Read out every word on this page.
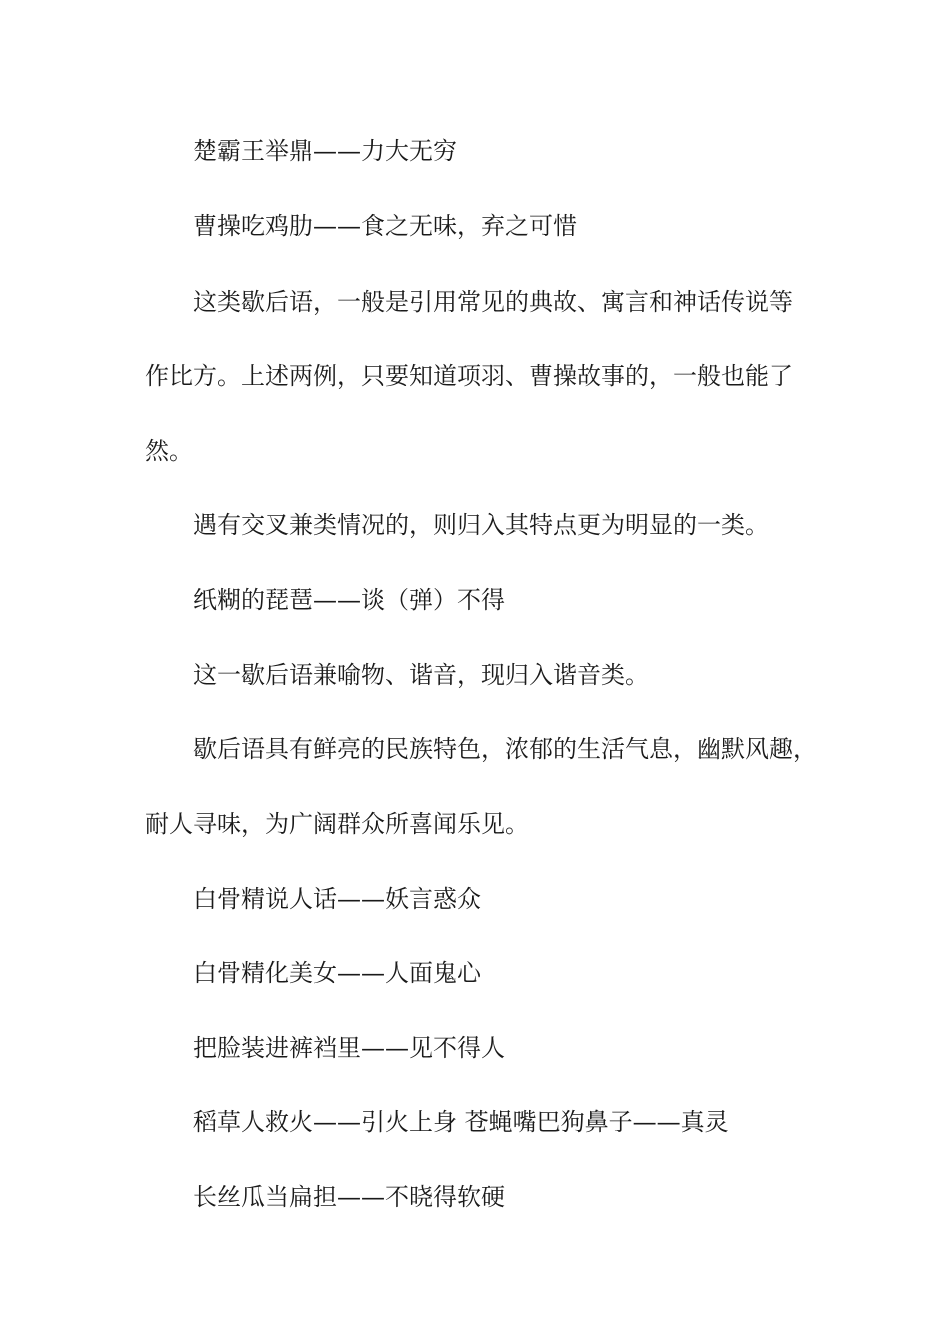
楚霸王举鼎——力大无穷

曹操吃鸡肋——食之无味，弃之可惜

这类歇后语，一般是引用常见的典故、寓言和神话传说等

作比方。上述两例，只要知道项羽、曹操故事的，一般也能了

然。

遇有交叉兼类情况的，则归入其特点更为明显的一类。

纸糊的琵琶——谈（弹）不得

这一歇后语兼喻物、谐音，现归入谐音类。

歇后语具有鲜亮的民族特色，浓郁的生活气息，幽默风趣，

耐人寻味，为广阔群众所喜闻乐见。

白骨精说人话——妖言惑众

白骨精化美女——人面鬼心

把脸装进裤裆里——见不得人

稻草人救火——引火上身 苍蝇嘴巴狗鼻子——真灵

长丝瓜当扁担——不晓得软硬
